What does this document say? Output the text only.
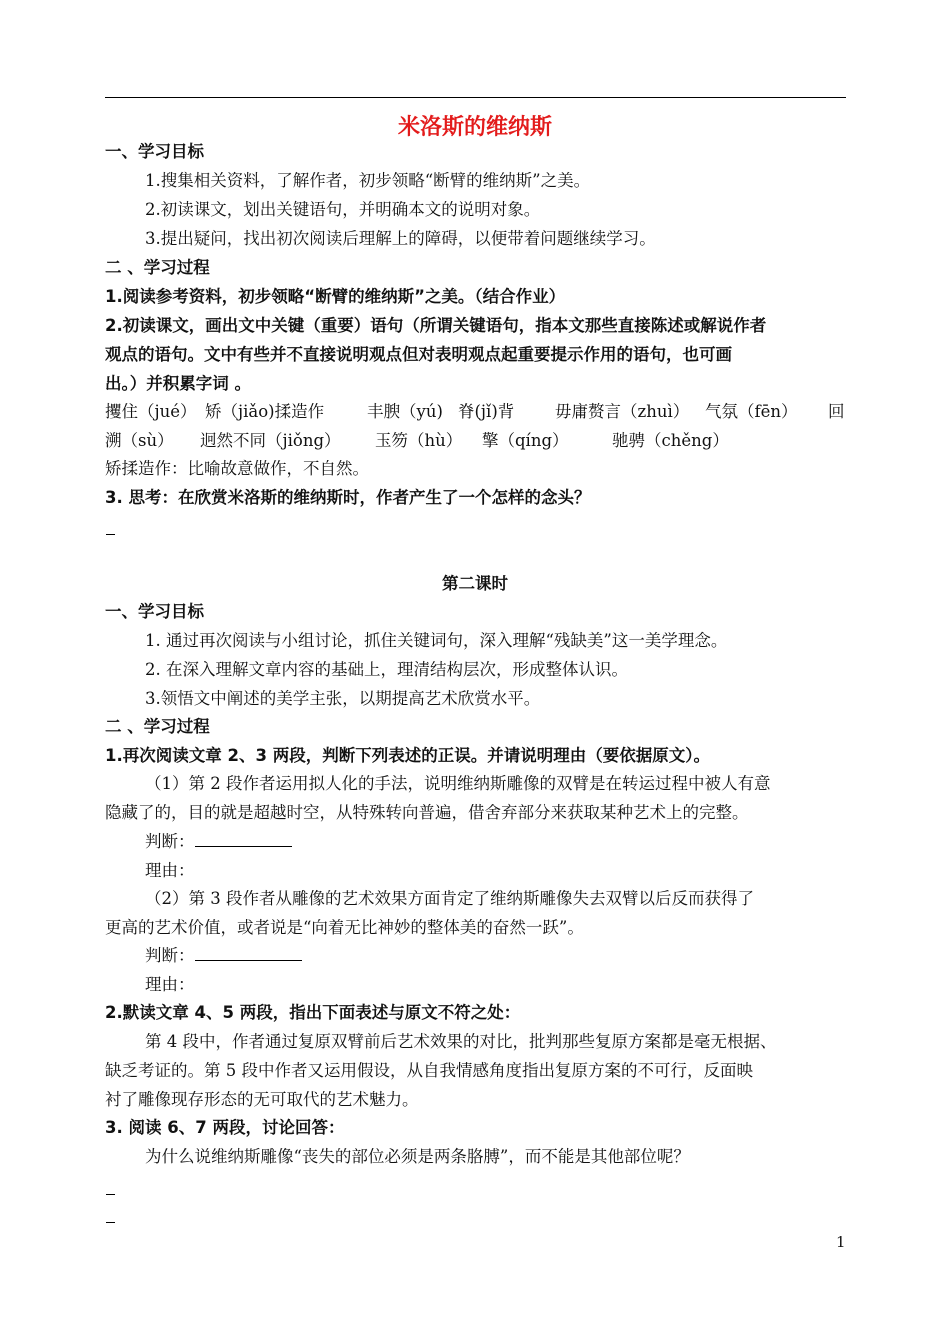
米洛斯的维纳斯
一、学习目标
1.搜集相关资料，了解作者，初步领略“断臂的维纳斯”之美。
2.初读课文，划出关键语句，并明确本文的说明对象。
3.提出疑问，找出初次阅读后理解上的障碍，以便带着问题继续学习。
二 、学习过程
1.阅读参考资料，初步领略“断臂的维纳斯”之美。（结合作业）
2.初读课文，画出文中关键（重要）语句（所谓关键语句，指本文那些直接陈述或解说作者
观点的语句。文中有些并不直接说明观点但对表明观点起重要提示作用的语句，也可画
出。）并积累字词 。
攫住（jué） 矫（jiǎo)揉造作	丰腴（yú) 脊(jǐ)背 毋庸赘言（zhuì） 气氛（fēn） 回
溯（sù） 迥然不同（jiǒng） 玉笏（hù） 擎（qíng）	驰骋（chěng）
矫揉造作：比喻故意做作，不自然。
3. 思考：在欣赏米洛斯的维纳斯时，作者产生了一个怎样的念头？
第二课时
一、学习目标
1. 通过再次阅读与小组讨论，抓住关键词句，深入理解“残缺美”这一美学理念。
2. 在深入理解文章内容的基础上，理清结构层次，形成整体认识。
3.领悟文中阐述的美学主张，以期提高艺术欣赏水平。
二 、学习过程
1.再次阅读文章 2、3 两段，判断下列表述的正误。并请说明理由（要依据原文）。
（1）第 2 段作者运用拟人化的手法，说明维纳斯雕像的双臂是在转运过程中被人有意
隐藏了的，目的就是超越时空，从特殊转向普遍，借舍弃部分来获取某种艺术上的完整。
判断：
理由：
（2）第 3 段作者从雕像的艺术效果方面肯定了维纳斯雕像失去双臂以后反而获得了
更高的艺术价值，或者说是“向着无比神妙的整体美的奋然一跃”。
判断：
理由：
2.默读文章 4、5 两段，指出下面表述与原文不符之处：
第 4 段中，作者通过复原双臂前后艺术效果的对比，批判那些复原方案都是毫无根据、
缺乏考证的。第 5 段中作者又运用假设，从自我情感角度指出复原方案的不可行，反面映
衬了雕像现存形态的无可取代的艺术魅力。
3. 阅读 6、7 两段，讨论回答：
为什么说维纳斯雕像“丧失的部位必须是两条胳膊”，而不能是其他部位呢？
1
